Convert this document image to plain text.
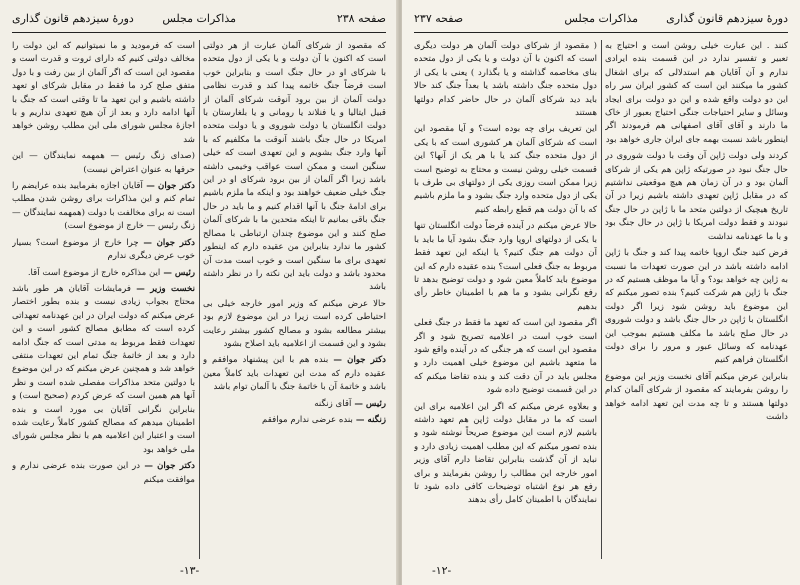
صفحه ۲۳۸
مذاکرات مجلس
دورهٔ سیزدهم قانون گذاری

که مقصود از شرکای آلمان عبارت از هر دولتی است که اکنون با آن دولت و یا یکی از دول متحده با شرکای او در حال جنگ است و بنابراین خوب است فرضاً جنگ خاتمه پیدا کند و قدرت نظامی دولت آلمان از بین برود آنوقت شرکای آلمان از قبیل ایتالیا و یا فنلاند یا رومانی و یا بلغارستان با دولت انگلستان یا دولت شوروی و یا دولت متحده امریکا در حال جنگ باشند آنوقت ما مکلفیم که با آنها وارد جنگ بشویم و این تعهدی است که خیلی سنگین است و ممکن است عواقب وخیمی داشته باشد زیرا اگر آلمان از بین برود شرکای او در این جنگ خیلی ضعیف خواهند بود و اینکه ما ملزم باشیم برای ادامهٔ جنگ با آنها اقدام کنیم و ما باید در حال جنگ باقی بمانیم تا اینکه متحدین ما با شرکای آلمان صلح کنند و این موضوع چندان ارتباطی با مصالح کشور ما ندارد بنابراین من عقیده دارم که اینطور تعهدی برای ما سنگین است و خوب است مدت آن محدود باشد و دولت باید این نکته را در نظر داشته باشد

حالا عرض میکنم که وزیر امور خارجه خیلی بی احتیاطی کرده است زیرا در این موضوع لازم بود بیشتر مطالعه بشود و مصالح کشور بیشتر رعایت بشود و این قسمت از اعلامیه باید اصلاح بشود

دکتر جوان — بنده هم با این پیشنهاد موافقم و عقیده دارم که مدت این تعهدات باید کاملاً معین باشد و خاتمهٔ آن با خاتمهٔ جنگ با آلمان توام باشد

رئیس — آقای زنگنه

زنگنه — بنده عرضی ندارم موافقم

است که فرمودید و ما نمیتوانیم که این دولت را مخالف دولتی کنیم که دارای ثروت و قدرت است و مقصود این است که اگر آلمان از بین رفت و با دول متفق صلح کرد ما فقط در مقابل شرکای او تعهد داشته باشیم و این تعهد ما تا وقتی است که جنگ با آنها ادامه دارد و بعد از آن هیچ تعهدی نداریم و با اجازهٔ مجلس شورای ملی این مطلب روشن خواهد شد

(صدای زنگ رئیس — همهمه نمایندگان — این حرفها به عنوان اعتراض نیست)

دکتر جوان — آقایان اجازه بفرمایید بنده عرایضم را تمام کنم و این مذاکرات برای روشن شدن مطلب است نه برای مخالفت با دولت (همهمه نمایندگان — زنگ رئیس — خارج از موضوع است)

دکتر جوان — چرا خارج از موضوع است؟ بسیار خوب عرض دیگری ندارم

رئیس — این مذاکره خارج از موضوع است آقا.

نخست وزیر — فرمایشات آقایان هر طور باشد محتاج بجواب زیادی نیست و بنده بطور اختصار عرض میکنم که دولت ایران در این عهدنامه تعهداتی کرده است که مطابق مصالح کشور است و این تعهدات فقط مربوط به مدتی است که جنگ ادامه دارد و بعد از خاتمهٔ جنگ تمام این تعهدات منتفی خواهد شد و همچنین عرض میکنم که در این موضوع با دولتین متحد مذاکرات مفصلی شده است و نظر آنها هم همین است که عرض کردم (صحیح است) و بنابراین نگرانی آقایان بی مورد است و بنده اطمینان میدهم که مصالح کشور کاملاً رعایت شده است و اعتبار این اعلامیه هم با نظر مجلس شورای ملی خواهد بود

دکتر جوان — در این صورت بنده عرضی ندارم و موافقت میکنم

-۱۳-
دورهٔ سیزدهم قانون گذاری
مذاکرات مجلس
صفحه ۲۳۷

کنند . این عبارت خیلی روشن است و احتیاج به تعبیر و تفسیر ندارد در این قسمت بنده ایرادی ندارم و آن آقایان هم استدلالی که برای اشغال کشور ما میکنند این است که کشور ایران سر راه این دو دولت واقع شده و این دو دولت برای ایجاد وسائل و سایر احتیاجات جنگی احتیاج بعبور از خاک ما دارند و آقای آقای اصفهانی هم فرمودند اگر اینطور باشد نسبت بهمه جای ایران جاری خواهد بود

کردند ولی دولت ژاپن آن وقت با دولت شوروی در حال جنگ نبود در صورتیکه ژاپن هم یکی از شرکای آلمان بود و در آن زمان هم هیچ موقعیتی نداشتیم که در مقابل ژاپن تعهدی داشته باشیم زیرا در آن تاریخ هیچیک از دولتین متحد ما با ژاپن در حال جنگ نبودند و فقط دولت امریکا با ژاپن در حال جنگ بود و با ما عهدنامه نداشت

فرض کنید جنگ اروپا خاتمه پیدا کند و جنگ با ژاپن ادامه داشته باشد در این صورت تعهدات ما نسبت به ژاپن چه خواهد بود؟ و آیا ما موظف هستیم که در جنگ با ژاپن هم شرکت کنیم؟ بنده تصور میکنم که این موضوع باید روشن شود زیرا اگر دولت انگلستان با ژاپن در حال جنگ باشد و دولت شوروی در حال صلح باشد ما مکلف هستیم بموجب این عهدنامه که وسائل عبور و مرور را برای دولت انگلستان فراهم کنیم

بنابراین عرض میکنم آقای نخست وزیر این موضوع را روشن بفرمایند که مقصود از شرکای آلمان کدام دولتها هستند و تا چه مدت این تعهد ادامه خواهد داشت

( مقصود از شرکای دولت آلمان هر دولت دیگری است که اکنون با آن دولت و یا یکی از دول متحده بنای مخاصمه گذاشته و یا بگذارد ) یعنی با یکی از دول متحده جنگ داشته باشد یا بعداً جنگ کند حالا باید دید شرکای آلمان در حال حاضر کدام دولتها هستند

این تعریف برای چه بوده است؟ و آیا مقصود این است که شرکای آلمان هر کشوری است که با یکی از دول متحده جنگ کند یا با هر یک از آنها؟ این قسمت خیلی روشن نیست و محتاج به توضیح است زیرا ممکن است روزی یکی از دولتهای بی طرف با یکی از دول متحده وارد جنگ بشود و ما ملزم باشیم که با آن دولت هم قطع رابطه کنیم

حالا عرض میکنم در آینده فرضاً دولت انگلستان تنها با یکی از دولتهای اروپا وارد جنگ بشود آیا ما باید با آن دولت هم جنگ کنیم؟ یا اینکه این تعهد فقط مربوط به جنگ فعلی است؟ بنده عقیده دارم که این موضوع باید کاملاً معین شود و دولت توضیح بدهد تا رفع نگرانی بشود و ما هم با اطمینان خاطر رأی بدهیم

اگر مقصود این است که تعهد ما فقط در جنگ فعلی است خوب است در اعلامیه تصریح شود و اگر مقصود این است که هر جنگی که در آینده واقع شود ما متعهد باشیم این موضوع خیلی اهمیت دارد و مجلس باید در آن دقت کند و بنده تقاضا میکنم که در این قسمت توضیح داده شود

و بعلاوه عرض میکنم که اگر این اعلامیه برای این است که ما در مقابل دولت ژاپن هم تعهد داشته باشیم لازم است این موضوع صریحاً نوشته شود و بنده تصور میکنم که این مطلب اهمیت زیادی دارد و نباید از آن گذشت بنابراین تقاضا دارم آقای وزیر امور خارجه این مطالب را روشن بفرمایند و برای رفع هر نوع اشتباه توضیحات کافی داده شود تا نمایندگان با اطمینان کامل رأی بدهند

-۱۲-
